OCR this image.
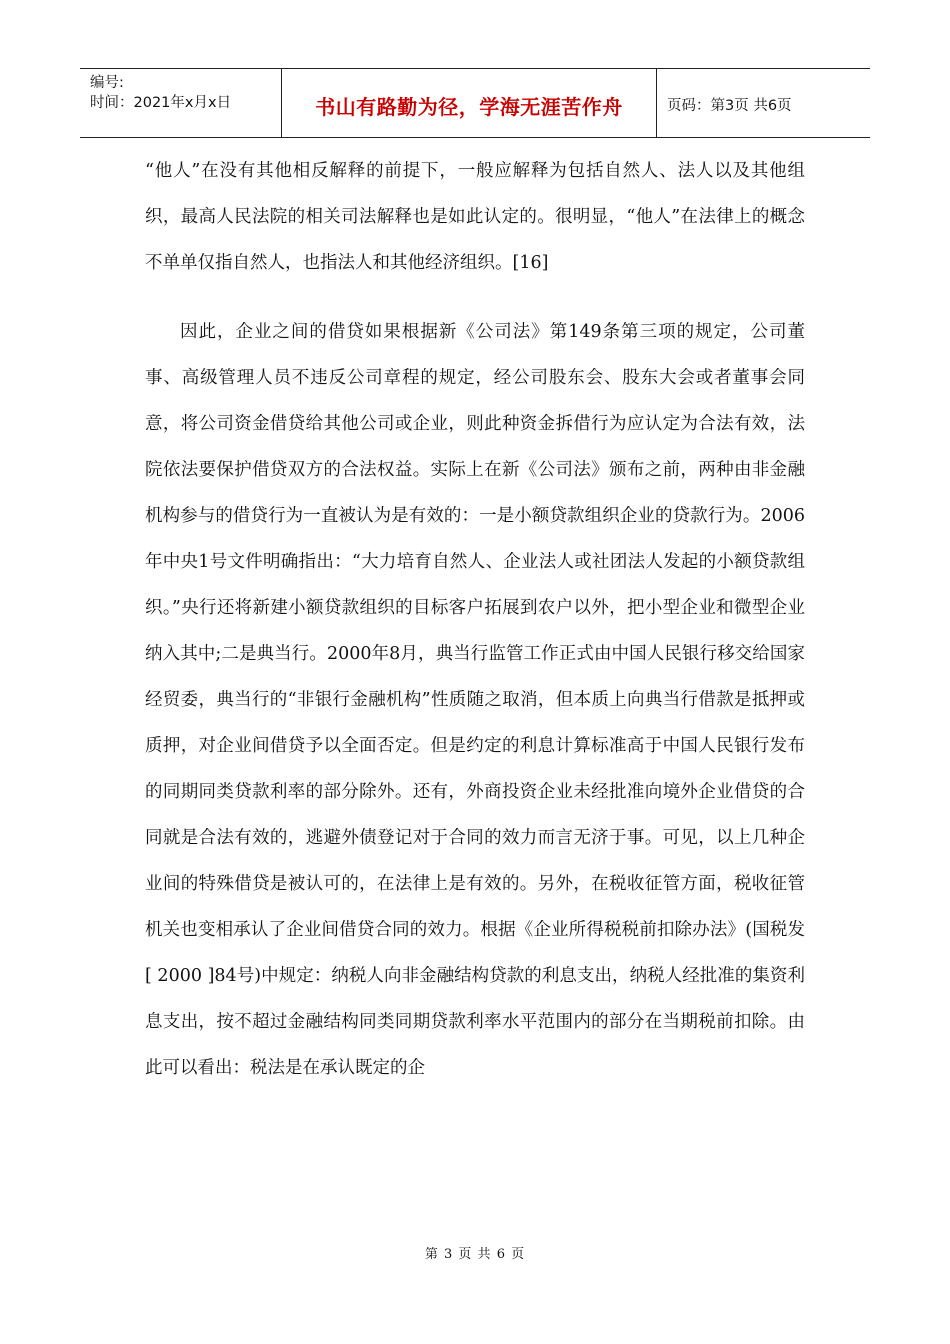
编号:
时间：2021年x月x日	书山有路勤为径，学海无涯苦作舟	页码：第3页 共6页

“他人”在没有其他相反解释的前提下，一般应解释为包括自然人、法人以及其他组织，最高人民法院的相关司法解释也是如此认定的。很明显，“他人”在法律上的概念不单单仅指自然人，也指法人和其他经济组织。[16]

因此，企业之间的借贷如果根据新《公司法》第149条第三项的规定，公司董事、高级管理人员不违反公司章程的规定，经公司股东会、股东大会或者董事会同意，将公司资金借贷给其他公司或企业，则此种资金拆借行为应认定为合法有效，法院依法要保护借贷双方的合法权益。实际上在新《公司法》颁布之前，两种由非金融机构参与的借贷行为一直被认为是有效的：一是小额贷款组织企业的贷款行为。2006年中央1号文件明确指出：“大力培育自然人、企业法人或社团法人发起的小额贷款组织。”央行还将新建小额贷款组织的目标客户拓展到农户以外，把小型企业和微型企业纳入其中;二是典当行。2000年8月，典当行监管工作正式由中国人民银行移交给国家经贸委，典当行的“非银行金融机构”性质随之取消，但本质上向典当行借款是抵押或质押，对企业间借贷予以全面否定。但是约定的利息计算标准高于中国人民银行发布的同期同类贷款利率的部分除外。还有，外商投资企业未经批准向境外企业借贷的合同就是合法有效的，逃避外债登记对于合同的效力而言无济于事。可见，以上几种企业间的特殊借贷是被认可的，在法律上是有效的。另外，在税收征管方面，税收征管机关也变相承认了企业间借贷合同的效力。根据《企业所得税税前扣除办法》(国税发[ 2000 ]84号)中规定：纳税人向非金融结构贷款的利息支出，纳税人经批准的集资利息支出，按不超过金融结构同类同期贷款利率水平范围内的部分在当期税前扣除。由此可以看出：税法是在承认既定的企

第 3 页 共 6 页
